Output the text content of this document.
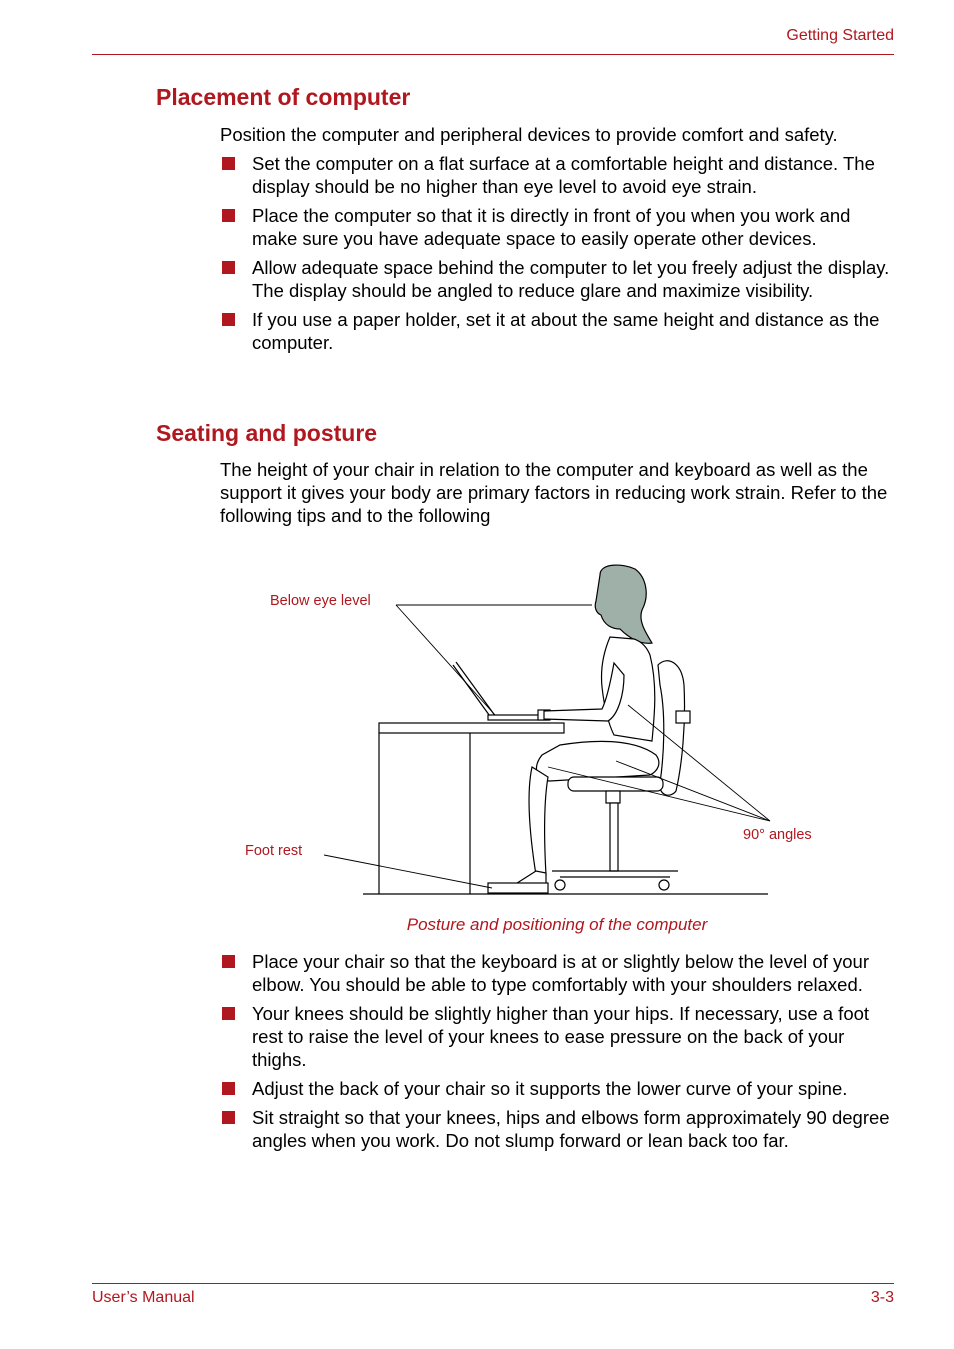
Getting Started
Placement of computer

Position the computer and peripheral devices to provide comfort and safety.

Set the computer on a flat surface at a comfortable height and distance. The display should be no higher than eye level to avoid eye strain.
Place the computer so that it is directly in front of you when you work and make sure you have adequate space to easily operate other devices.
Allow adequate space behind the computer to let you freely adjust the display. The display should be angled to reduce glare and maximize visibility.
If you use a paper holder, set it at about the same height and distance as the computer.
Seating and posture

The height of your chair in relation to the computer and keyboard as well as the support it gives your body are primary factors in reducing work strain. Refer to the following tips and to the following

Below eye level
Foot rest
90° angles
Posture and positioning of the computer
Place your chair so that the keyboard is at or slightly below the level of your elbow. You should be able to type comfortably with your shoulders relaxed.
Your knees should be slightly higher than your hips. If necessary, use a foot rest to raise the level of your knees to ease pressure on the back of your thighs.
Adjust the back of your chair so it supports the lower curve of your spine.
Sit straight so that your knees, hips and elbows form approximately 90 degree angles when you work. Do not slump forward or lean back too far.
User’s Manual	3-3
